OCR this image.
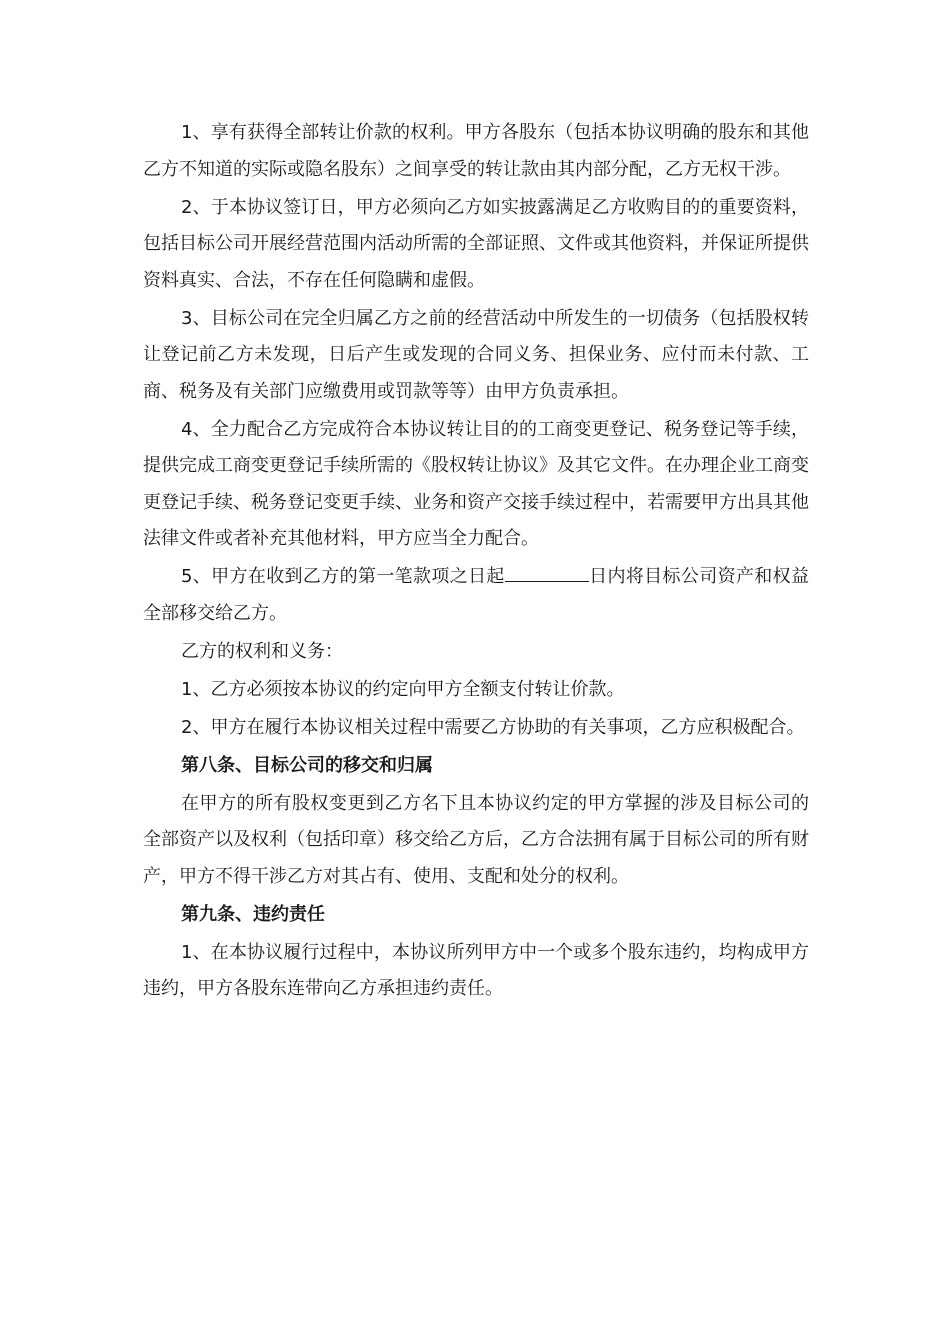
1、享有获得全部转让价款的权利。甲方各股东（包括本协议明确的股东和其他乙方不知道的实际或隐名股东）之间享受的转让款由其内部分配，乙方无权干涉。

2、于本协议签订日，甲方必须向乙方如实披露满足乙方收购目的的重要资料，包括目标公司开展经营范围内活动所需的全部证照、文件或其他资料，并保证所提供资料真实、合法，不存在任何隐瞒和虚假。

3、目标公司在完全归属乙方之前的经营活动中所发生的一切债务（包括股权转让登记前乙方未发现，日后产生或发现的合同义务、担保业务、应付而未付款、工商、税务及有关部门应缴费用或罚款等等）由甲方负责承担。

4、全力配合乙方完成符合本协议转让目的的工商变更登记、税务登记等手续，提供完成工商变更登记手续所需的《股权转让协议》及其它文件。在办理企业工商变更登记手续、税务登记变更手续、业务和资产交接手续过程中，若需要甲方出具其他法律文件或者补充其他材料，甲方应当全力配合。

5、甲方在收到乙方的第一笔款项之日起	日内将目标公司资产和权益全部移交给乙方。

乙方的权利和义务：

1、乙方必须按本协议的约定向甲方全额支付转让价款。

2、甲方在履行本协议相关过程中需要乙方协助的有关事项，乙方应积极配合。

第八条、目标公司的移交和归属

在甲方的所有股权变更到乙方名下且本协议约定的甲方掌握的涉及目标公司的全部资产以及权利（包括印章）移交给乙方后，乙方合法拥有属于目标公司的所有财产，甲方不得干涉乙方对其占有、使用、支配和处分的权利。

第九条、违约责任

1、在本协议履行过程中，本协议所列甲方中一个或多个股东违约，均构成甲方违约，甲方各股东连带向乙方承担违约责任。
